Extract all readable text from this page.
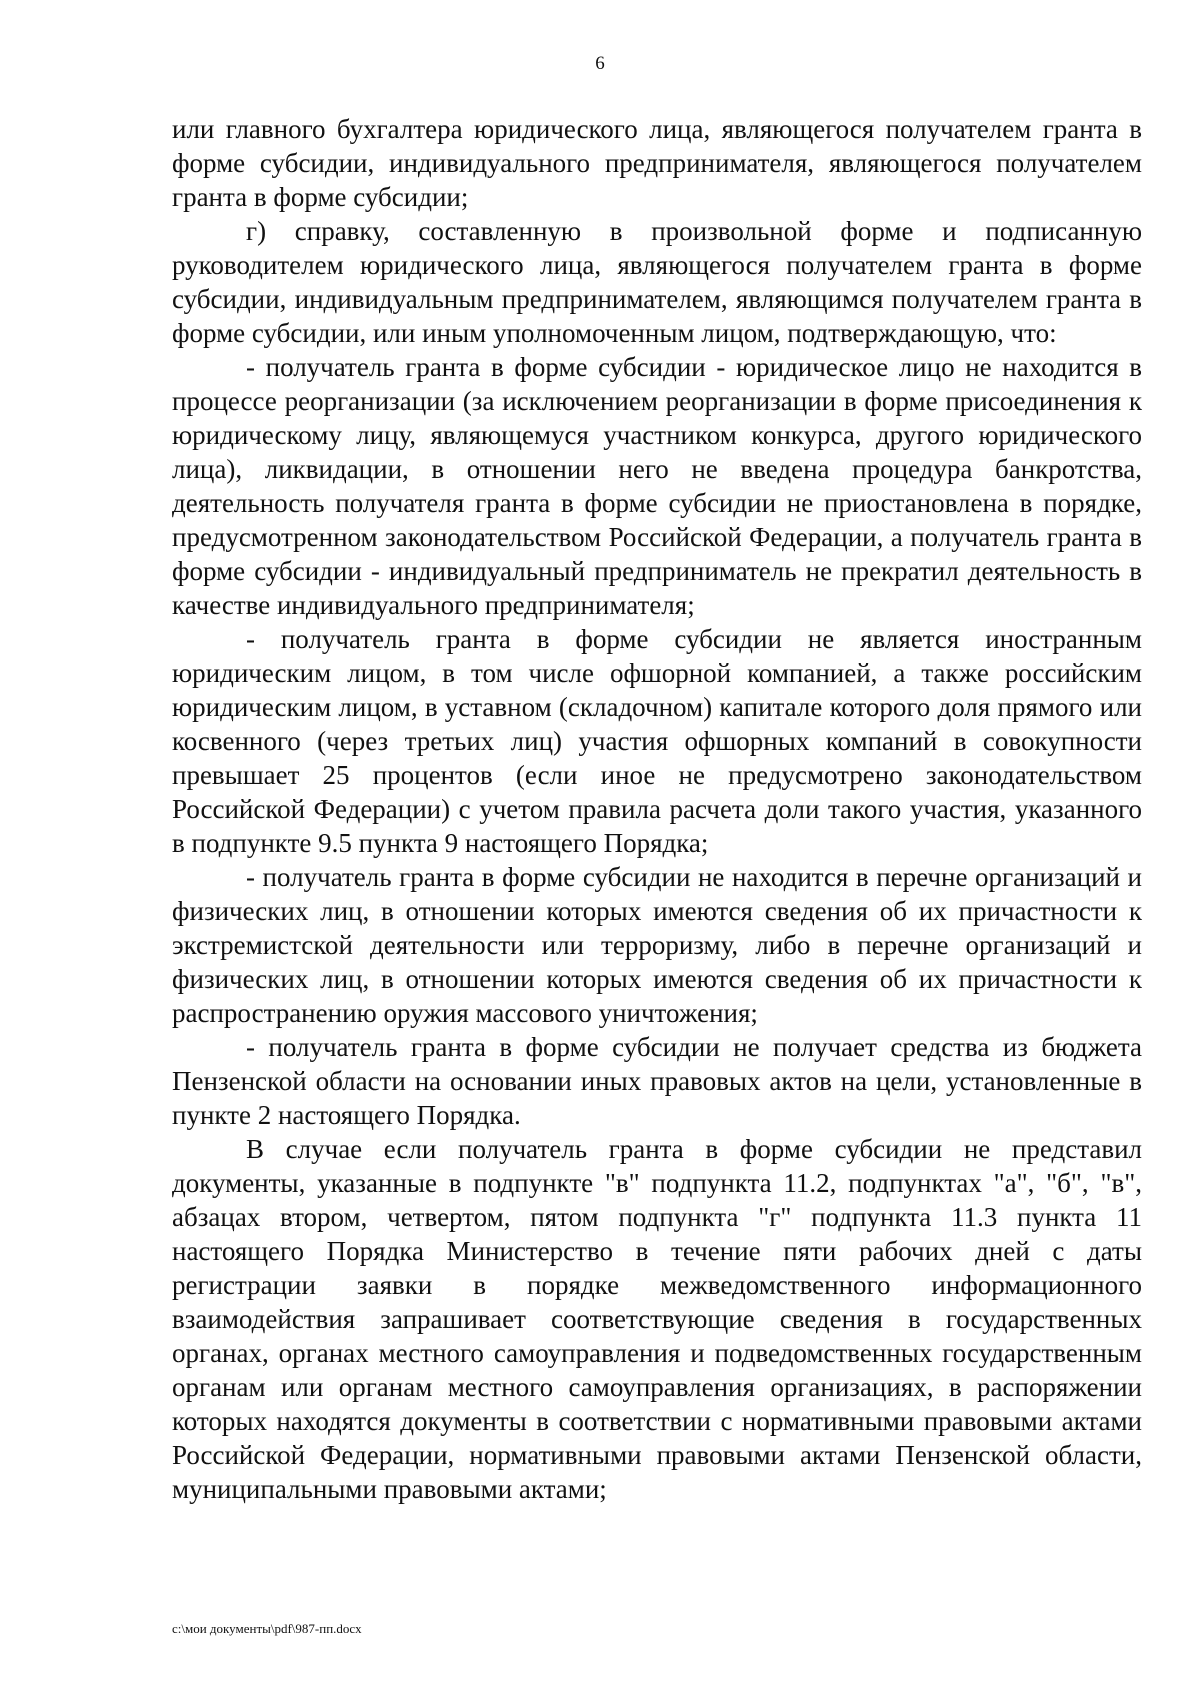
6

или главного бухгалтера юридического лица, являющегося получателем гранта в форме субсидии, индивидуального предпринимателя, являющегося получателем гранта в форме субсидии;

г) справку, составленную в произвольной форме и подписанную руководителем юридического лица, являющегося получателем гранта в форме субсидии, индивидуальным предпринимателем, являющимся получателем гранта в форме субсидии, или иным уполномоченным лицом, подтверждающую, что:

- получатель гранта в форме субсидии - юридическое лицо не находится в процессе реорганизации (за исключением реорганизации в форме присоединения к юридическому лицу, являющемуся участником конкурса, другого юридического лица), ликвидации, в отношении него не введена процедура банкротства, деятельность получателя гранта в форме субсидии не приостановлена в порядке, предусмотренном законодательством Российской Федерации, а получатель гранта в форме субсидии - индивидуальный предприниматель не прекратил деятельность в качестве индивидуального предпринимателя;

- получатель гранта в форме субсидии не является иностранным юридическим лицом, в том числе офшорной компанией, а также российским юридическим лицом, в уставном (складочном) капитале которого доля прямого или косвенного (через третьих лиц) участия офшорных компаний в совокупности превышает 25 процентов (если иное не предусмотрено законодательством Российской Федерации) с учетом правила расчета доли такого участия, указанного в подпункте 9.5 пункта 9 настоящего Порядка;

- получатель гранта в форме субсидии не находится в перечне организаций и физических лиц, в отношении которых имеются сведения об их причастности к экстремистской деятельности или терроризму, либо в перечне организаций и физических лиц, в отношении которых имеются сведения об их причастности к распространению оружия массового уничтожения;

- получатель гранта в форме субсидии не получает средства из бюджета Пензенской области на основании иных правовых актов на цели, установленные в пункте 2 настоящего Порядка.

В случае если получатель гранта в форме субсидии не представил документы, указанные в подпункте "в" подпункта 11.2, подпунктах "а", "б", "в", абзацах втором, четвертом, пятом подпункта "г" подпункта 11.3 пункта 11 настоящего Порядка Министерство в течение пяти рабочих дней с даты регистрации заявки в порядке межведомственного информационного взаимодействия запрашивает соответствующие сведения в государственных органах, органах местного самоуправления и подведомственных государственным органам или органам местного самоуправления организациях, в распоряжении которых находятся документы в соответствии с нормативными правовыми актами Российской Федерации, нормативными правовыми актами Пензенской области, муниципальными правовыми актами;

c:\мои документы\pdf\987-пп.docx
